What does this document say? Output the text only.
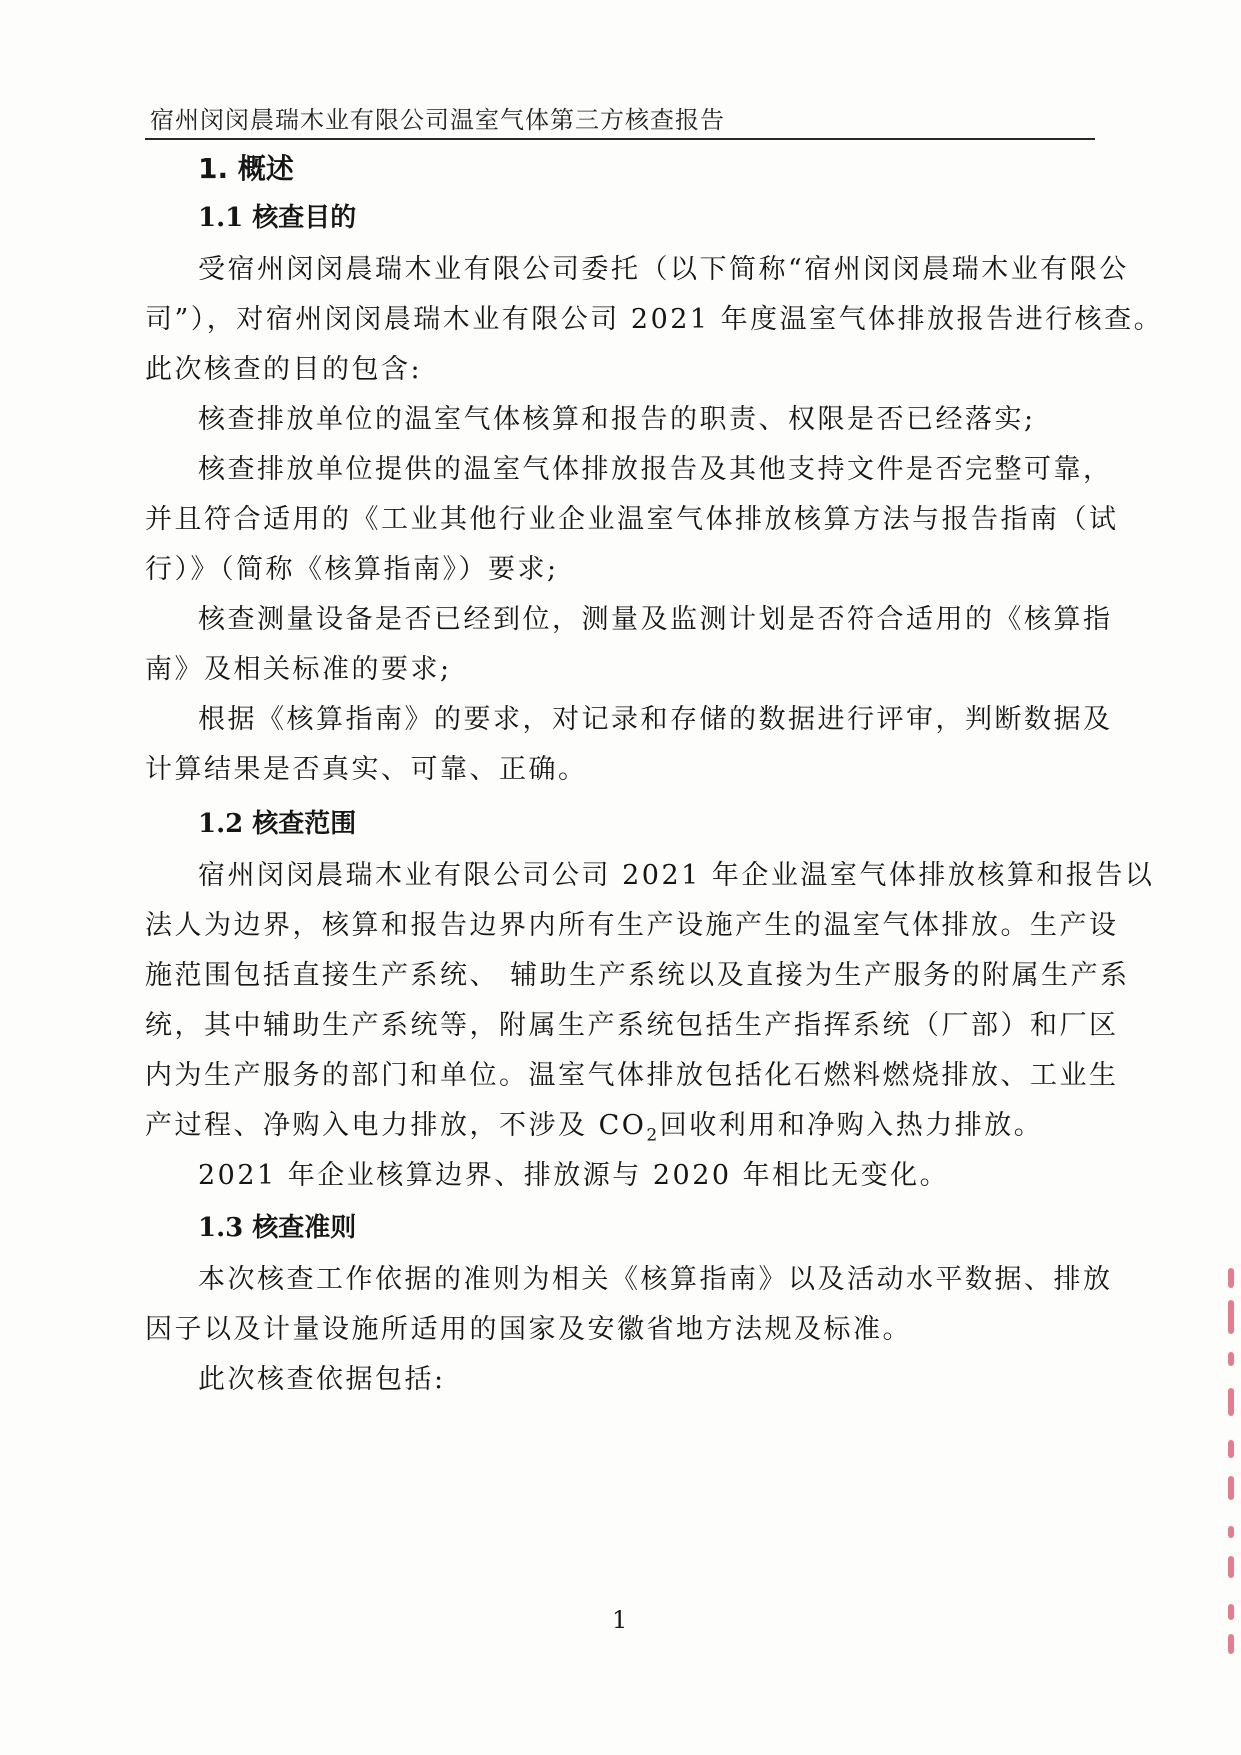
宿州闵闵晨瑞木业有限公司温室气体第三方核查报告
1. 概述
1.1 核查目的
受宿州闵闵晨瑞木业有限公司委托（以下简称“宿州闵闵晨瑞木业有限公
司”），对宿州闵闵晨瑞木业有限公司 2021 年度温室气体排放报告进行核查。
此次核查的目的包含:
核查排放单位的温室气体核算和报告的职责、权限是否已经落实;
核查排放单位提供的温室气体排放报告及其他支持文件是否完整可靠，
并且符合适用的《工业其他行业企业温室气体排放核算方法与报告指南（试
行）》（简称《核算指南》）要求;
核查测量设备是否已经到位，测量及监测计划是否符合适用的《核算指
南》及相关标准的要求;
根据《核算指南》的要求，对记录和存储的数据进行评审，判断数据及
计算结果是否真实、可靠、正确。
1.2 核查范围
宿州闵闵晨瑞木业有限公司公司 2021 年企业温室气体排放核算和报告以
法人为边界，核算和报告边界内所有生产设施产生的温室气体排放。生产设
施范围包括直接生产系统、 辅助生产系统以及直接为生产服务的附属生产系
统，其中辅助生产系统等，附属生产系统包括生产指挥系统（厂部）和厂区
内为生产服务的部门和单位。温室气体排放包括化石燃料燃烧排放、工业生
产过程、净购入电力排放，不涉及 $CO_2$回收利用和净购入热力排放。
2021 年企业核算边界、排放源与 2020 年相比无变化。
1.3 核查准则
本次核查工作依据的准则为相关《核算指南》以及活动水平数据、排放
因子以及计量设施所适用的国家及安徽省地方法规及标准。
此次核查依据包括:
1
